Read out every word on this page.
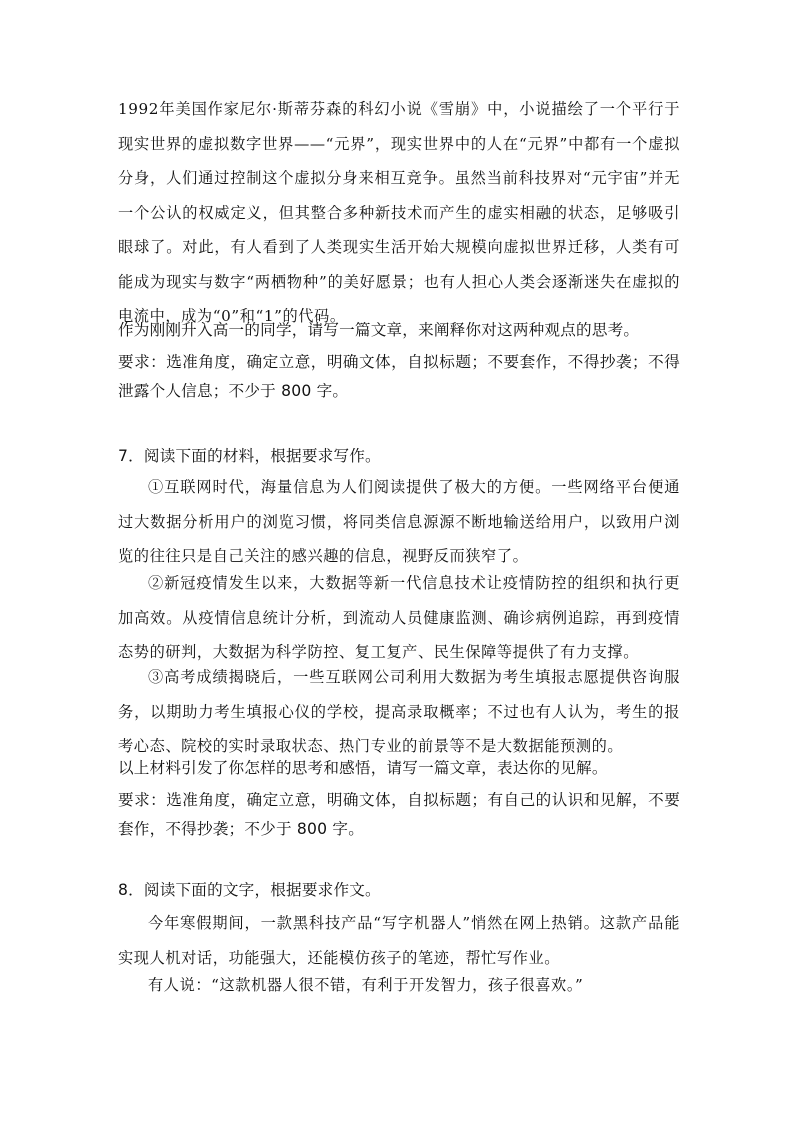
1992年美国作家尼尔·斯蒂芬森的科幻小说《雪崩》中，小说描绘了一个平行于现实世界的虚拟数字世界——“元界”，现实世界中的人在“元界”中都有一个虚拟分身，人们通过控制这个虚拟分身来相互竞争。虽然当前科技界对“元宇宙”并无一个公认的权威定义，但其整合多种新技术而产生的虚实相融的状态，足够吸引眼球了。对此，有人看到了人类现实生活开始大规模向虚拟世界迁移，人类有可能成为现实与数字“两栖物种”的美好愿景；也有人担心人类会逐渐迷失在虚拟的电流中，成为“0”和“1”的代码。

作为刚刚升入高一的同学，请写一篇文章，来阐释你对这两种观点的思考。

要求：选准角度，确定立意，明确文体，自拟标题；不要套作，不得抄袭；不得泄露个人信息；不少于 800 字。

7．阅读下面的材料，根据要求写作。

①互联网时代，海量信息为人们阅读提供了极大的方便。一些网络平台便通过大数据分析用户的浏览习惯，将同类信息源源不断地输送给用户，以致用户浏览的往往只是自己关注的感兴趣的信息，视野反而狭窄了。

②新冠疫情发生以来，大数据等新一代信息技术让疫情防控的组织和执行更加高效。从疫情信息统计分析，到流动人员健康监测、确诊病例追踪，再到疫情态势的研判，大数据为科学防控、复工复产、民生保障等提供了有力支撑。

③高考成绩揭晓后，一些互联网公司利用大数据为考生填报志愿提供咨询服务，以期助力考生填报心仪的学校，提高录取概率；不过也有人认为，考生的报考心态、院校的实时录取状态、热门专业的前景等不是大数据能预测的。

以上材料引发了你怎样的思考和感悟，请写一篇文章，表达你的见解。

要求：选准角度，确定立意，明确文体，自拟标题；有自己的认识和见解，不要套作，不得抄袭；不少于 800 字。

8．阅读下面的文字，根据要求作文。

今年寒假期间，一款黑科技产品“写字机器人”悄然在网上热销。这款产品能实现人机对话，功能强大，还能模仿孩子的笔迹，帮忙写作业。

有人说：“这款机器人很不错，有利于开发智力，孩子很喜欢。”
